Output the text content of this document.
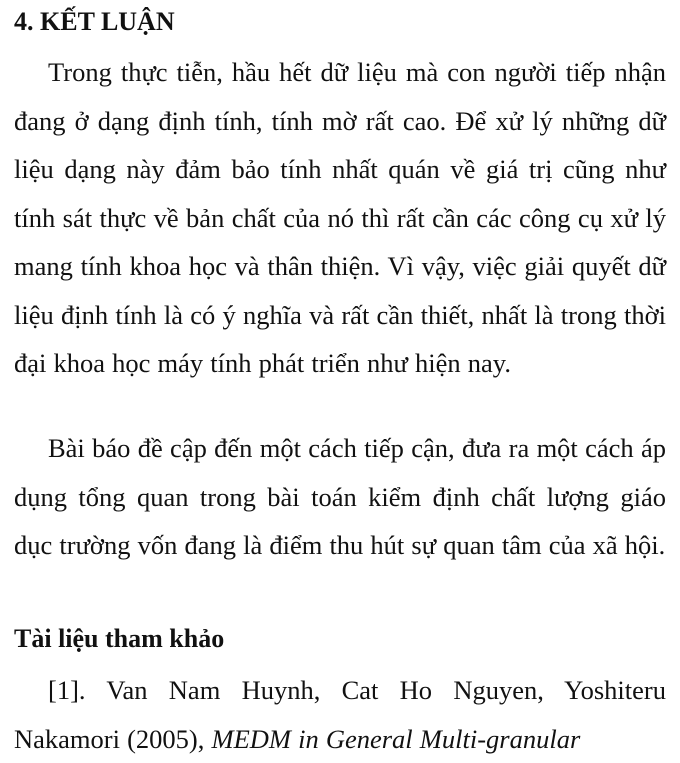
4. KẾT LUẬN

Trong thực tiễn, hầu hết dữ liệu mà con người tiếp nhận đang ở dạng định tính, tính mờ rất cao. Để xử lý những dữ liệu dạng này đảm bảo tính nhất quán về giá trị cũng như tính sát thực về bản chất của nó thì rất cần các công cụ xử lý mang tính khoa học và thân thiện. Vì vậy, việc giải quyết dữ liệu định tính là có ý nghĩa và rất cần thiết, nhất là trong thời đại khoa học máy tính phát triển như hiện nay.

Bài báo đề cập đến một cách tiếp cận, đưa ra một cách áp dụng tổng quan trong bài toán kiểm định chất lượng giáo dục trường vốn đang là điểm thu hút sự quan tâm của xã hội.

Tài liệu tham khảo

[1]. Van Nam Huynh, Cat Ho Nguyen, Yoshiteru Nakamori (2005), MEDM in General Multi-granular
